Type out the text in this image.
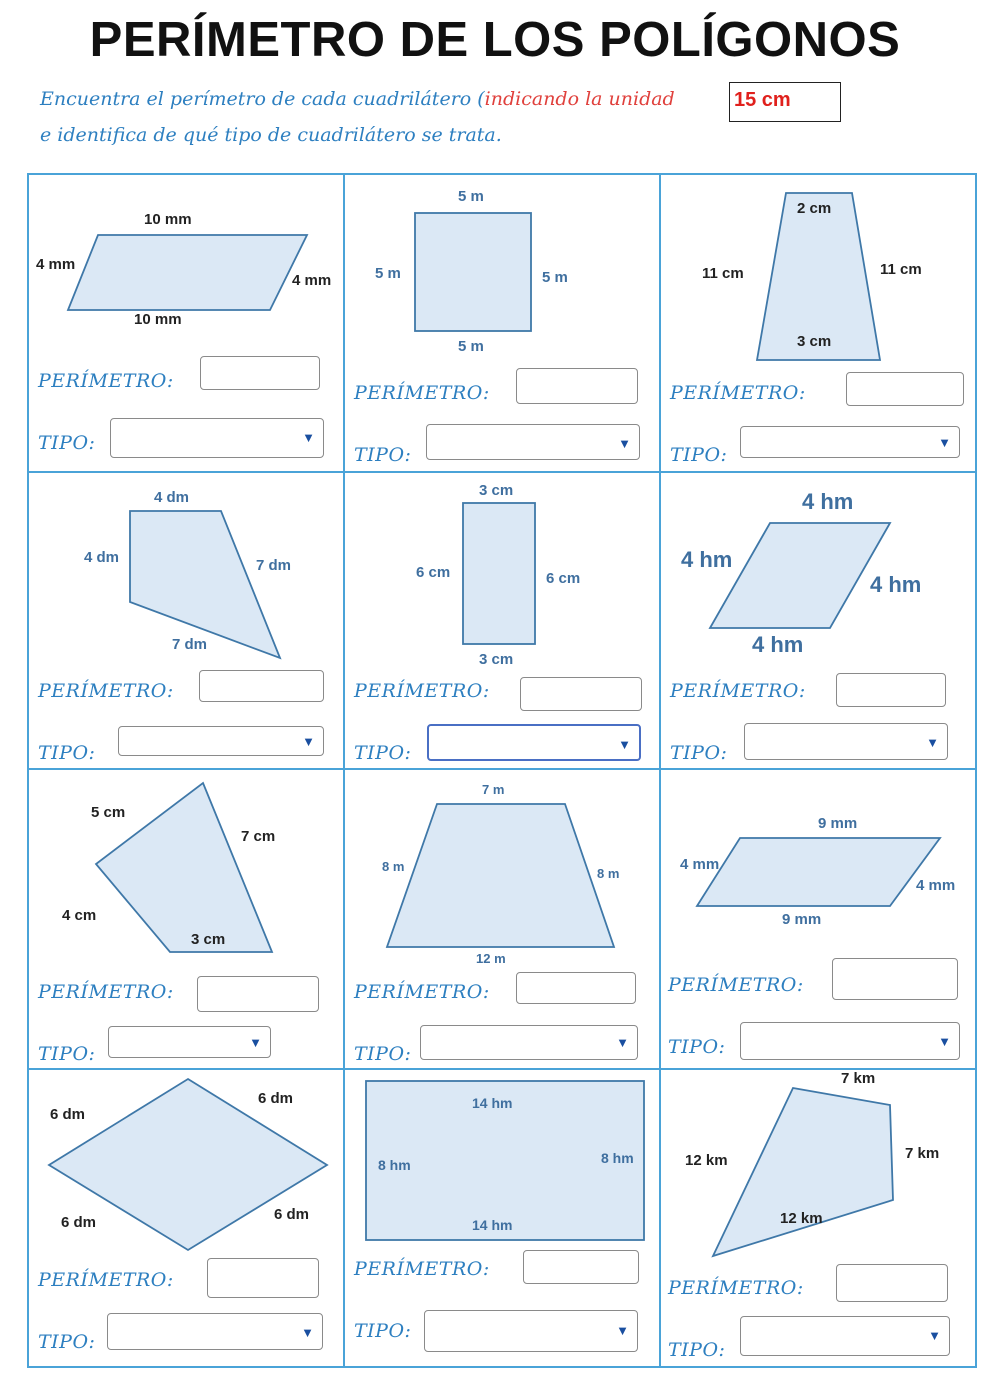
PERÍMETRO DE LOS POLÍGONOS
Encuentra el perímetro de cada cuadrilátero (indicando la unidad	15 cm
e identifica de qué tipo de cuadrilátero se trata.
10 mm
4 mm
4 mm
10 mm
PERÍMETRO:
TIPO:	▼
5 m
5 m	5 m
5 m
PERÍMETRO:
TIPO:
▼
2 cm
11 cm	11 cm
3 cm
PERÍMETRO:
TIPO:
▼
4 dm
4 dm	7 dm
7 dm
PERÍMETRO:
TIPO:
▼
3 cm
6 cm	6 cm
3 cm
PERÍMETRO:
TIPO:	▼
4 hm
4 hm
4 hm
4 hm
PERÍMETRO:
TIPO:	▼
5 cm
7 cm
4 cm
3 cm
PERÍMETRO:
TIPO:
▼
7 m
8 m	8 m
12 m
PERÍMETRO:
TIPO:
▼
9 mm
4 mm
4 mm
9 mm
PERÍMETRO:
TIPO:	▼
6 dm
6 dm
6 dm	6 dm
PERÍMETRO:
TIPO:	▼
14 hm
8 hm	8 hm
14 hm
PERÍMETRO:
TIPO:	▼
7 km
12 km	7 km
12 km
PERÍMETRO:
TIPO:
▼
